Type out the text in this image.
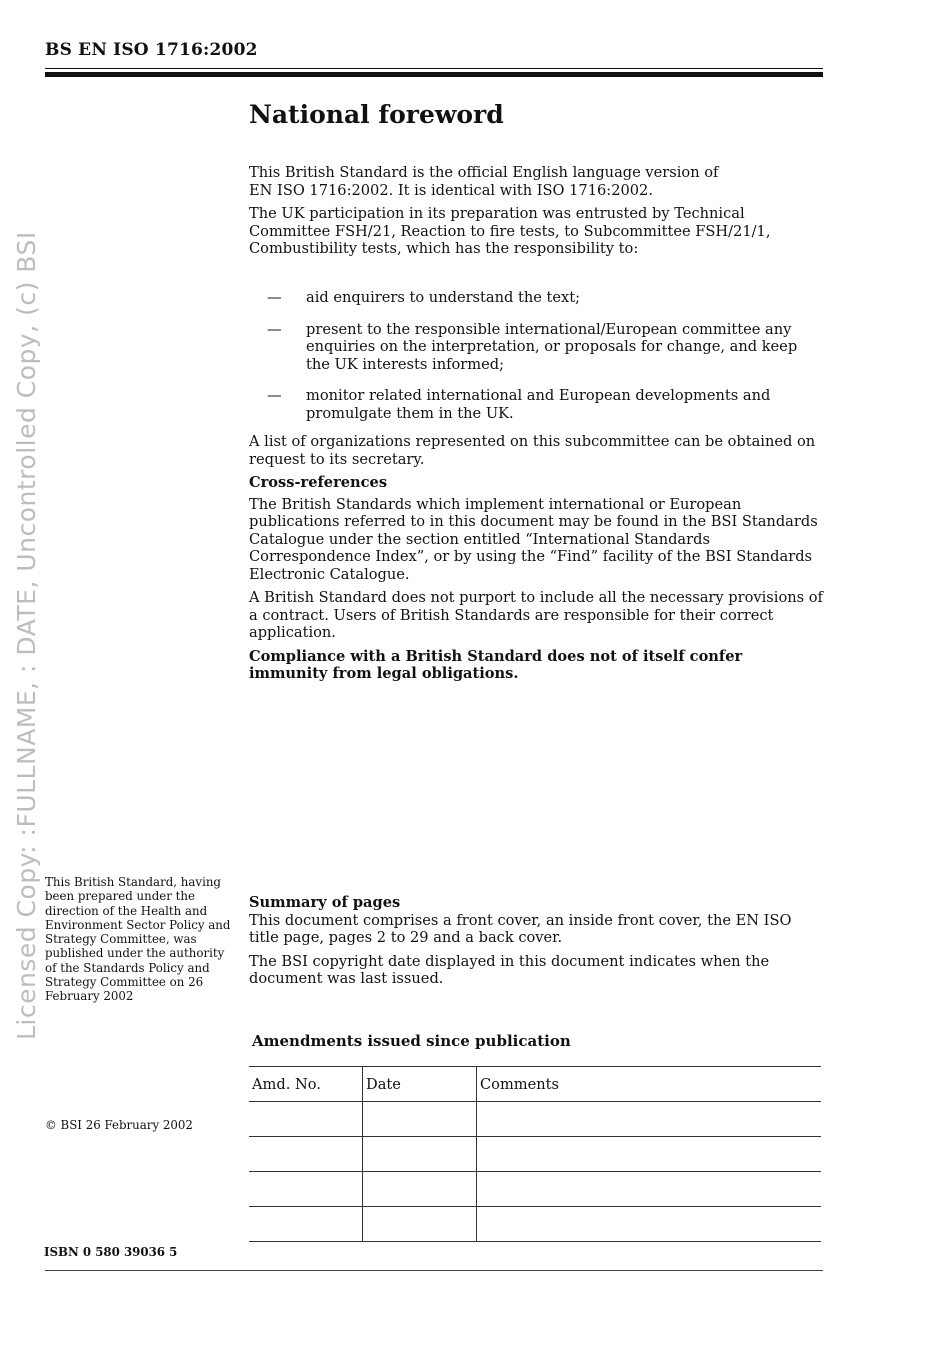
BS EN ISO 1716:2002
National foreword

This British Standard is the official English language version of EN ISO 1716:2002. It is identical with ISO 1716:2002.

The UK participation in its preparation was entrusted by Technical Committee FSH/21, Reaction to fire tests, to Subcommittee FSH/21/1, Combustibility tests, which has the responsibility to:

— aid enquirers to understand the text;
— present to the responsible international/European committee any enquiries on the interpretation, or proposals for change, and keep the UK interests informed;
— monitor related international and European developments and promulgate them in the UK.

A list of organizations represented on this subcommittee can be obtained on request to its secretary.

Cross-references

The British Standards which implement international or European publications referred to in this document may be found in the BSI Standards Catalogue under the section entitled “International Standards Correspondence Index”, or by using the “Find” facility of the BSI Standards Electronic Catalogue.

A British Standard does not purport to include all the necessary provisions of a contract. Users of British Standards are responsible for their correct application.

Compliance with a British Standard does not of itself confer immunity from legal obligations.

Licensed Copy: :FULLNAME, : DATE, Uncontrolled Copy, (c) BSI This British Standard, having been prepared under the direction of the Health and Environment Sector Policy and Strategy Committee, was published under the authority of the Standards Policy and Strategy Committee on 26 February 2002

Summary of pages

This document comprises a front cover, an inside front cover, the EN ISO title page, pages 2 to 29 and a back cover.

The BSI copyright date displayed in this document indicates when the document was last issued.

Amendments issued since publication
Amd. No.	Date	Comments

© BSI 26 February 2002
ISBN 0 580 39036 5
